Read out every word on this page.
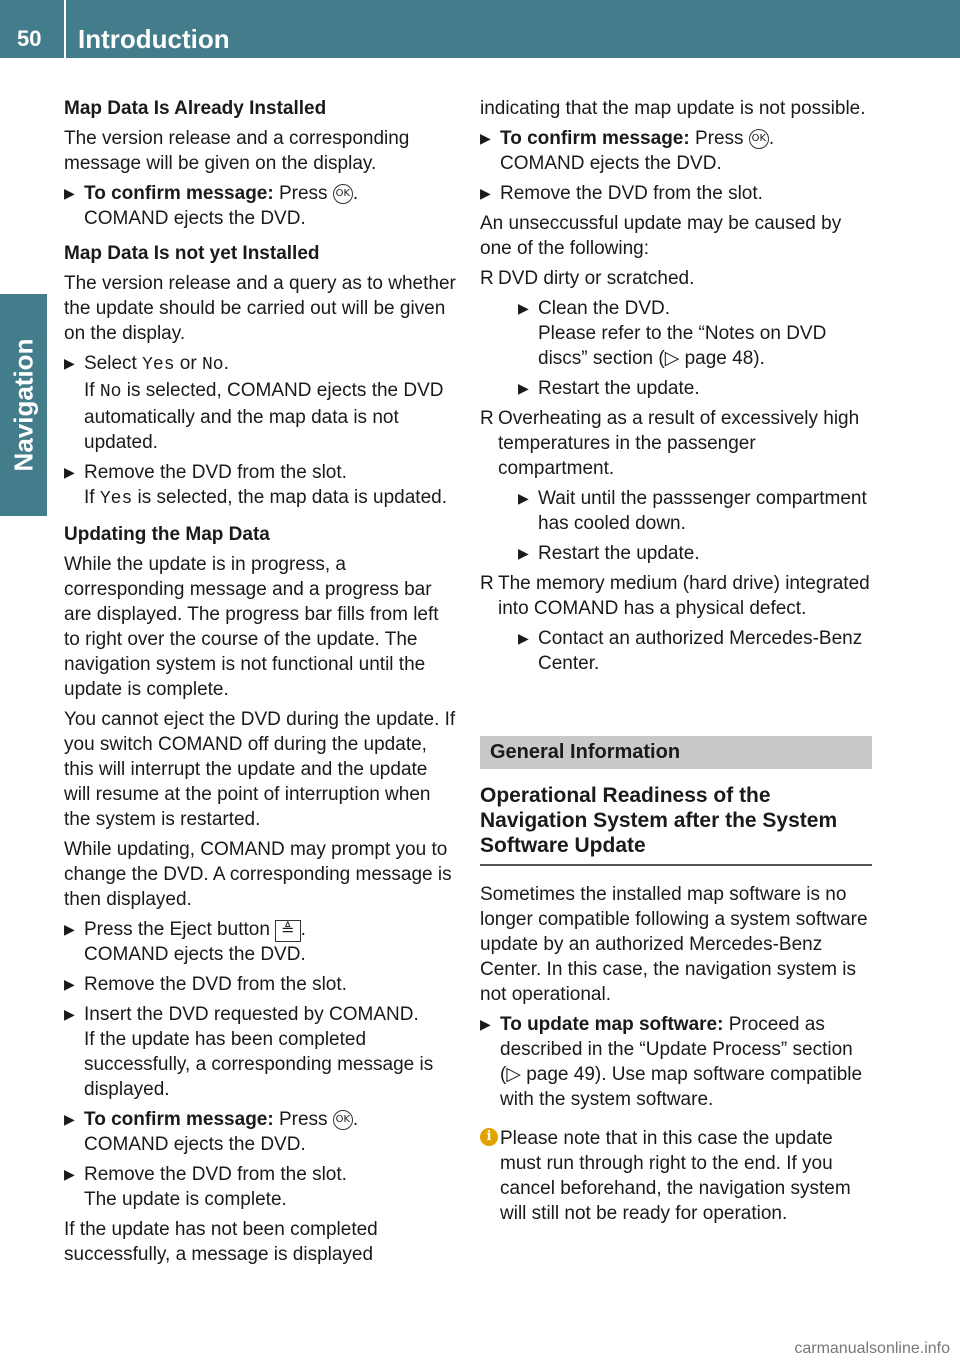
50 Introduction
Navigation

Map Data Is Already Installed

The version release and a corresponding message will be given on the display.

▶ To confirm message: Press OK .
COMAND ejects the DVD.

Map Data Is not yet Installed

The version release and a query as to whether the update should be carried out will be given on the display.

▶ Select Yes or No.
If No is selected, COMAND ejects the DVD automatically and the map data is not updated.
▶ Remove the DVD from the slot.
If Yes is selected, the map data is updated.

Updating the Map Data

While the update is in progress, a corresponding message and a progress bar are displayed. The progress bar fills from left to right over the course of the update. The navigation system is not functional until the update is complete.

You cannot eject the DVD during the update. If you switch COMAND off during the update, this will interrupt the update and the update will resume at the point of interruption when the system is restarted.

While updating, COMAND may prompt you to change the DVD. A corresponding message is then displayed.

▶ Press the Eject button ≜ .
COMAND ejects the DVD.
▶ Remove the DVD from the slot.
▶ Insert the DVD requested by COMAND.
If the update has been completed successfully, a corresponding message is displayed.
▶ To confirm message: Press OK .
COMAND ejects the DVD.
▶ Remove the DVD from the slot.
The update is complete.

If the update has not been completed successfully, a message is displayed

indicating that the map update is not possible.

▶ To confirm message: Press OK .
COMAND ejects the DVD.
▶ Remove the DVD from the slot.

An unseccussful update may be caused by one of the following:

R DVD dirty or scratched.
▶ Clean the DVD.
Please refer to the “Notes on DVD discs” section (▷ page 48).
▶ Restart the update.
R Overheating as a result of excessively high temperatures in the passenger compartment.
▶ Wait until the passsenger compartment has cooled down.
▶ Restart the update.
R The memory medium (hard drive) integrated into COMAND has a physical defect.
▶ Contact an authorized Mercedes-Benz Center.
General Information
Operational Readiness of the Navigation System after the System Software Update

Sometimes the installed map software is no longer compatible following a system software update by an authorized Mercedes-Benz Center. In this case, the navigation system is not operational.

▶ To update map software: Proceed as described in the “Update Process” section (▷ page 49). Use map software compatible with the system software.
i Please note that in this case the update must run through right to the end. If you cancel beforehand, the navigation system will still not be ready for operation.
carmanualsonline.info
